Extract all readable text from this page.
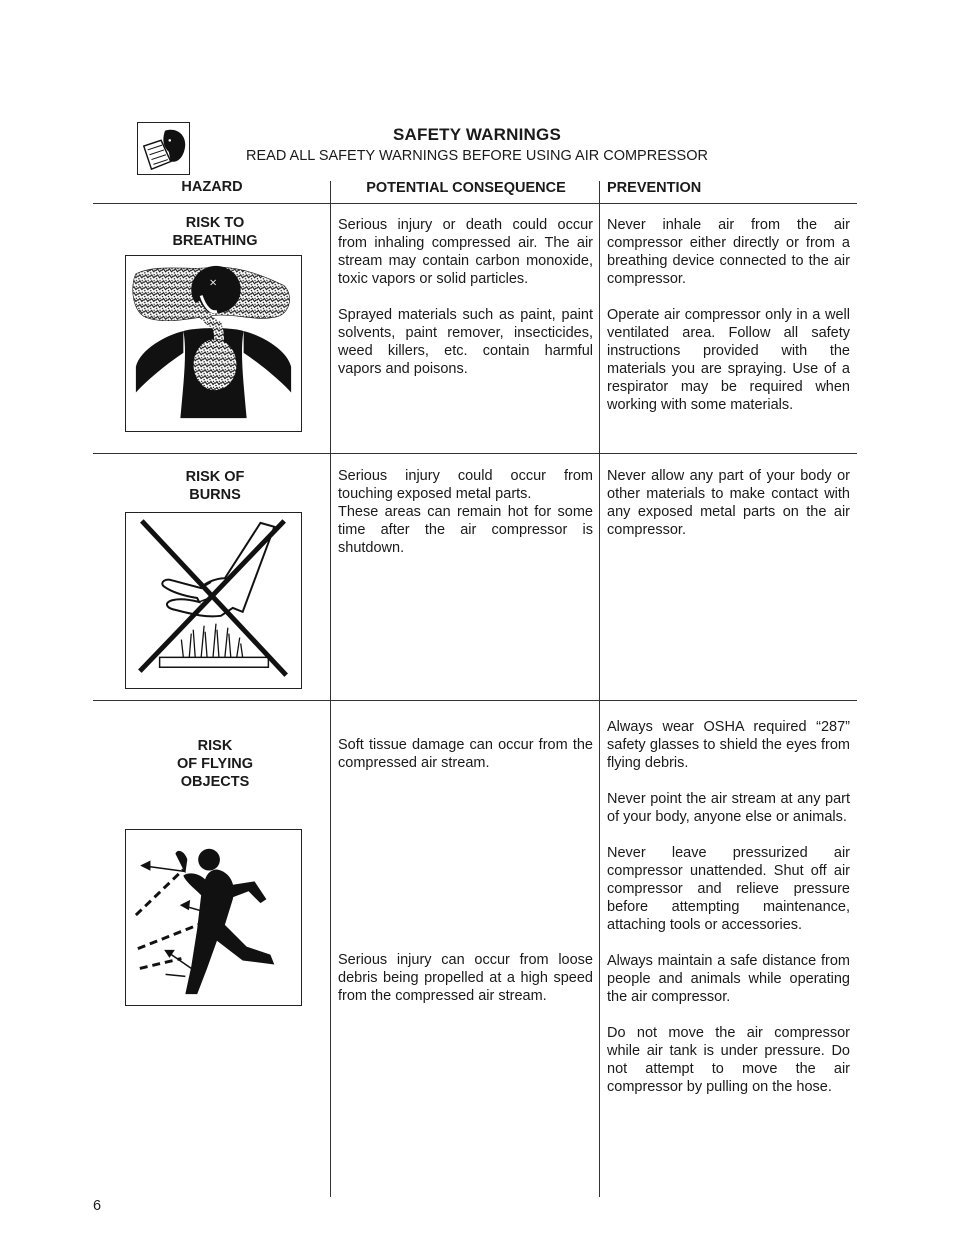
SAFETY WARNINGS
READ ALL SAFETY WARNINGS BEFORE USING AIR COMPRESSOR
HAZARD	POTENTIAL CONSEQUENCE	PREVENTION
RISK TO
BREATHING
×

Serious injury or death could occur from inhaling compressed air. The air stream may contain carbon monoxide, toxic vapors or solid particles.

Sprayed materials such as paint, paint solvents, paint remover, insecticides, weed killers, etc. contain harmful vapors and poisons.

Never inhale air from the air compressor either directly or from a breathing device connected to the air compressor.

Operate air compressor only in a well ventilated area. Follow all safety instructions provided with the materials you are spraying. Use of a respirator may be required when working with some materials.

RISK OF
BURNS
Serious injury could occur from touching exposed metal parts.
These areas can remain hot for some time after the air compressor is shutdown.

Never allow any part of your body or other materials to make contact with any exposed metal parts on the air compressor.

RISK
OF FLYING
OBJECTS

Soft tissue damage can occur from the compressed air stream.

Serious injury can occur from loose debris being propelled at a high speed from the compressed air stream.

Always wear OSHA required “287” safety glasses to shield the eyes from flying debris.

Never point the air stream at any part of your body, anyone else or animals.

Never leave pressurized air compressor unattended. Shut off air compressor and relieve pressure before attempting maintenance, attaching tools or accessories.

Always maintain a safe distance from people and animals while operating the air compressor.

Do not move the air compressor while air tank is under pressure. Do not attempt to move the air compressor by pulling on the hose.

6
